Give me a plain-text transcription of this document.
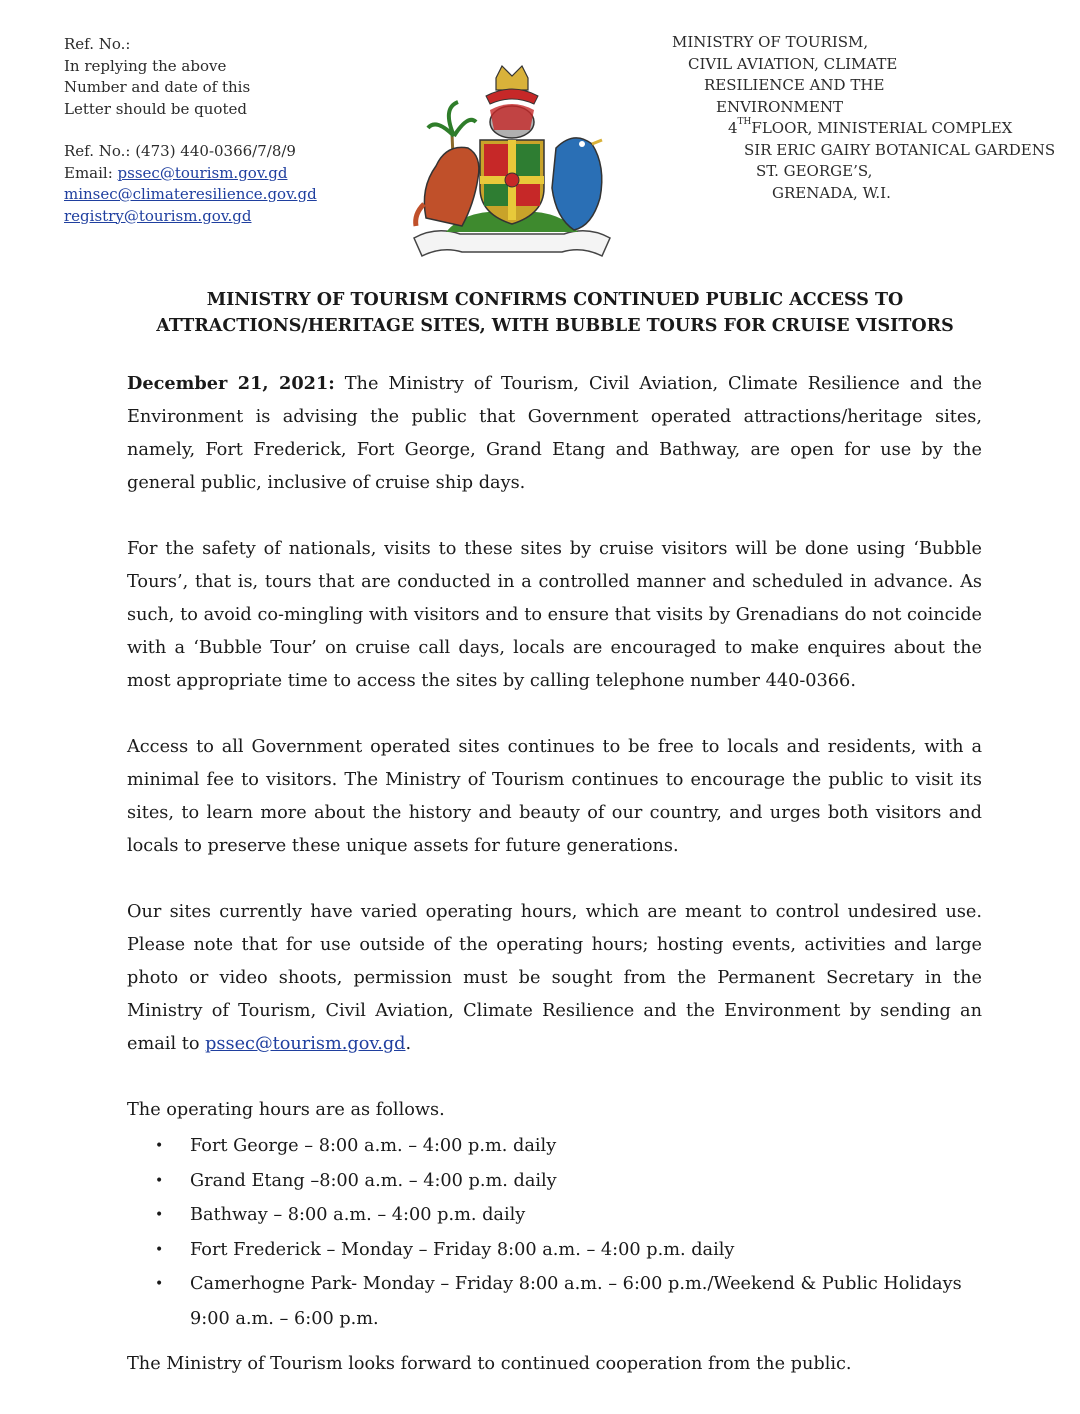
Ref. No.:
In replying the above
Number and date of this
Letter should be quoted
Ref. No.: (473) 440-0366/7/8/9
Email: pssec@tourism.gov.gd
minsec@climateresilience.gov.gd
registry@tourism.gov.gd
MINISTRY OF TOURISM,
CIVIL AVIATION, CLIMATE
RESILIENCE AND THE
ENVIRONMENT
4THFLOOR, MINISTERIAL COMPLEX
SIR ERIC GAIRY BOTANICAL GARDENS
ST. GEORGE’S,
GRENADA, W.I.
MINISTRY OF TOURISM CONFIRMS CONTINUED PUBLIC ACCESS TO
ATTRACTIONS/HERITAGE SITES, WITH BUBBLE TOURS FOR CRUISE VISITORS

December 21, 2021: The Ministry of Tourism, Civil Aviation, Climate Resilience and the Environment is advising the public that Government operated attractions/heritage sites, namely, Fort Frederick, Fort George, Grand Etang and Bathway, are open for use by the general public, inclusive of cruise ship days.

For the safety of nationals, visits to these sites by cruise visitors will be done using ‘Bubble Tours’, that is, tours that are conducted in a controlled manner and scheduled in advance. As such, to avoid co-mingling with visitors and to ensure that visits by Grenadians do not coincide with a ‘Bubble Tour’ on cruise call days, locals are encouraged to make enquires about the most appropriate time to access the sites by calling telephone number 440-0366.

Access to all Government operated sites continues to be free to locals and residents, with a minimal fee to visitors. The Ministry of Tourism continues to encourage the public to visit its sites, to learn more about the history and beauty of our country, and urges both visitors and locals to preserve these unique assets for future generations.

Our sites currently have varied operating hours, which are meant to control undesired use. Please note that for use outside of the operating hours; hosting events, activities and large photo or video shoots, permission must be sought from the Permanent Secretary in the Ministry of Tourism, Civil Aviation, Climate Resilience and the Environment by sending an email to pssec@tourism.gov.gd.

The operating hours are as follows.

• Fort George – 8:00 a.m. – 4:00 p.m. daily
• Grand Etang –8:00 a.m. – 4:00 p.m. daily
• Bathway – 8:00 a.m. – 4:00 p.m. daily
• Fort Frederick – Monday – Friday 8:00 a.m. – 4:00 p.m. daily
• Camerhogne Park- Monday – Friday 8:00 a.m. – 6:00 p.m./Weekend & Public Holidays 9:00 a.m. – 6:00 p.m.

The Ministry of Tourism looks forward to continued cooperation from the public.
